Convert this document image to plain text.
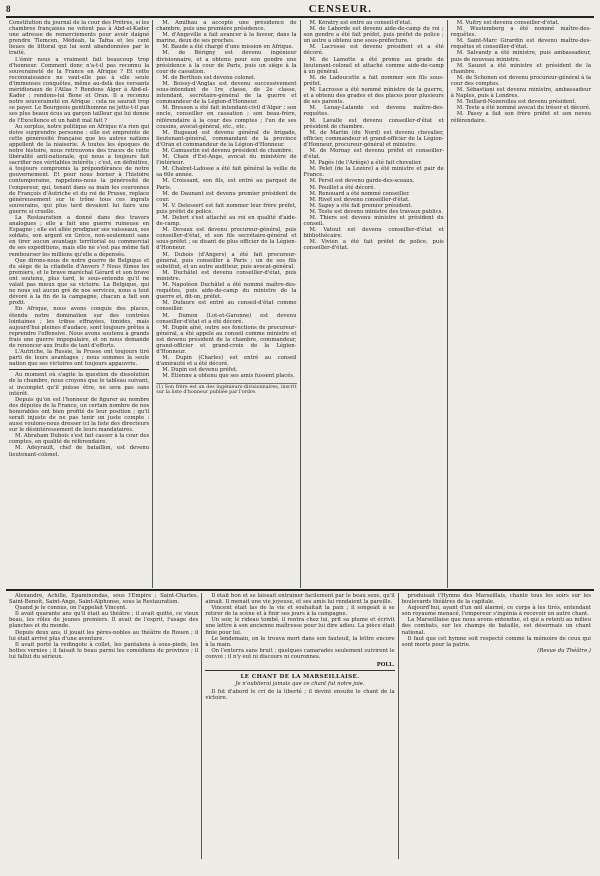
8	CENSEUR.

Constitution du journal de la cour des Prêtres, si les chambres françaises ne votent pas à Abd-el-Kader une adresse de remerciements pour avoir daigné prendre Tlemcen, Médéah, la Tafna et les cent lieues de littoral qui lui sont abandonnées par le traité.

L'émir nous a vraiment fait beaucoup trop d'honneur. Comment donc n'a-t-il pas reconnu la souveraineté de la France en Afrique ? Et cette reconnaissance ne vaut-elle pas à elle seule d'immenses conquêtes, même au-delà des versants méridionaux de l'Atlas ? Rendons Alger à Abd-el-Kader ; rendons-lui Bone et Oran. Il a reconnu notre souveraineté en Afrique : cela ne saurait trop se payer. Le Bourgeois gentilhomme ne jette-t-il pas ses plus beaux écus au garçon tailleur qui lui donne de l'Excellence et un habit mal fait ?

Au surplus, notre politique en Afrique n'a rien qui doive surprendre personne : elle est empreinte de cette générosité française que les autres nations appellent de la niaiserie. À toutes les époques de notre histoire, nous retrouvons des traces de cette libéralité anti-nationale, qui nous a toujours fait sacrifier nos véritables intérêts ; c'est, en définitive, à toujours compromis la prépondérance de notre gouvernement. Et pour nous borner à l'histoire contemporaine, rappelons-nous la générosité de l'empereur, qui, tenant dans sa main les couronnes de François d'Autriche et du roi de Prusse, replace généreusement sur le trône tous ces ingrats souverains, qui plus tard devaient lui faire une guerre si cruelle.

La Restauration a donné dans des travers analogues ; elle a fait une guerre ruineuse en Espagne ; elle est allée prodiguer ses vaisseaux, ses soldats, son argent en Grèce, non-seulement sans en tirer aucun avantage territorial ou commercial de ses expéditions, mais elle ne s'est pas même fait rembourser les millions qu'elle a dépensés.

Que dirons-nous de notre guerre de Belgique et du siège de la citadelle d'Anvers ? Nous fûmes les premiers, et le brave maréchal Gérard et son brave ont soutenu, plus tard, le sous-entendu qu'il ne valait pas mieux que sa victoire. La Belgique, qui ne nous sut aucun gré de nos services, nous a tout dévoré à la fin de la campagne, chacun a fait son profit.

En Afrique, nous avons conquis des places, étendu notre domination sur des contrées lointaines ; les tribus effrayées, timides, mais aujourd'hui pleines d'audace, sont toujours prêtes à reprendre l'offensive. Nous avons soutenu à grands frais une guerre impopulaire, et on nous demande de renoncer aux fruits de tant d'efforts.

L'Autriche, la Russie, la Prusse ont toujours tiré parti de leurs avantages ; nous sommes la seule nation que ses victoires ont toujours appauvrie.

Au moment où s'agite la question de dissolution de la chambre, nous croyons que le tableau suivant, si incomplet qu'il puisse être, ne sera pas sans intérêt.

Depuis qu'on est l'honneur de figurer au nombre des députés de la France, un certain nombre de nos honorables ont bien profité de leur position ; qu'il serait injuste de ne pas tenir un juste compte : aussi voulons-nous dresser ici la liste des directeurs sur le désintéressement de leurs mandataires.

M. Abraham Dubois s'est fait casser à la cour des comptes, en qualité de référendaire.

M. Adeyrault, chef de bataillon, est devenu lieutenant-colonel.

M. Amilhau a accepté une présidence de chambre, puis une première présidence.

M. d'Angeville a fait avancer à la faveur, dans la marine, deux de ses proches.

M. Baude a été chargé d'une mission en Afrique.

M. de Bérigny est devenu ingénieur divisionnaire, et a obtenu pour son gendre une présidence à la cour de Paris, puis un siège à la cour de cassation.

M. de Berthois est devenu colonel.

M. Boissy-d'Anglas est devenu successivement sous-intendant de 1re classe, de 2e classe, intendant, secrétaire-général de la guerre et commandeur de la Légion-d'Honneur.

M. Bresson a été fait intendant-civil d'Alger ; son oncle, conseiller en cassation ; son beau-frère, référendaire à la cour des comptes ; l'un de ses cousins, avocat-général, etc., etc.

M. Bugeaud est devenu général de brigade, lieutenant-général, commandant de la province d'Oran et commandeur de la Légion-d'Honneur.

M. Camusetin est devenu président de chambre.

M. Chaix d'Est-Ange, avocat du ministère de l'intérieur.

M. Chalret-Lafosse a été fait général la veille de sa 60e année.

M. Croissant, son fils, est entré au parquet de Paris.

M. de Daunant est devenu premier président de cour.

M. V. Delessert est fait nommer leur frère préfet, puis préfet de police.

M. Delort s'est attaché au roi en qualité d'aide-de-camp.

M. Devaux est devenu procureur-général, puis conseiller-d'état, et son fils secrétaire-général et sous-préfet ; se disant de plus officier de la Légion-d'Honneur.

M. Dubois (d'Angers) a été fait procureur-général, puis conseiller à Paris ; un de ses fils substitut, et un autre auditeur, puis avocat-général.

M. Duchâtel est devenu conseiller-d'état, puis ministre.

M. Napoléon Duchâtel a été nommé maître-des-requêtes, puis aide-de-camp du ministre de la guerre et, dit-on, préfet.

M. Dufaure est entré au conseil-d'état comme conseiller.

M. Dumon (Lot-et-Garonne) est devenu conseiller-d'état et a été décoré.

M. Dupin aîné, outre ses fonctions de procureur-général, a été appelé au conseil comme ministre et est devenu président de la chambre, commandeur, grand-officier et grand-croix de la Légion-d'Honneur.

M. Dupin (Charles) est entré au conseil d'amirauté et a été décoré.

M. Dupin est devenu préfet.

M. Étienne a obtenu que ses amis fussent placés.

(1) Son frère est un des ingénieurs-divisionnaires, inscrit sur la liste d'honneur publiée par l'ordre.

M. Kératry est entré au conseil-d'état.

M. de Laborde est devenu aide-de-camp du roi ; son gendre a été fait préfet, puis préfet de police ; un autre a obtenu une sous-préfecture.

M. Lacrosse est devenu président et a été décoré.

M. de Lamotte a été promu au grade de lieutenant-colonel et attaché comme aide-de-camp à un général.

M. de Ladoucette a fait nommer son fils sous-préfet.

M. Lacrosse a été nommé ministre de la guerre, et a obtenu des grades et des places pour plusieurs de ses parents.

M. Lenay-Lalande est devenu maître-des-requêtes.

M. Lavalle est devenu conseiller-d'état et président de chambre.

M. de Martin (du Nord) est devenu chevalier, officier, commandeur et grand-officier de la Légion-d'Honneur, procureur-général et ministre.

M. de Mornay est devenu préfet et conseiller-d'état.

M. Pagès (de l'Ariège) a été fait chevalier.

M. Pelet (de la Lozère) a été ministre et pair de France.

M. Persil est devenu garde-des-sceaux.

M. Pouillet a été décoré.

M. Renouard a été nommé conseiller.

M. Rivet est devenu conseiller-d'état.

M. Sapey a été fait premier président.

M. Teste est devenu ministre des travaux publics.

M. Thiers est devenu ministre et président du conseil.

M. Vatout est devenu conseiller-d'état et bibliothécaire.

M. Vivien a été fait préfet de police, puis conseiller-d'état.

M. Vuitry est devenu conseiller-d'état.

M. Wustemberg a été nommé maître-des-requêtes.

M. Saint-Marc Girardin est devenu maître-des-requêtes et conseiller-d'état.

M. Salvandy a été ministre, puis ambassadeur, puis de nouveau ministre.

M. Sauzet a été ministre et président de la chambre.

M. de Schonen est devenu procureur-général à la cour des comptes.

M. Sébastiani est devenu ministre, ambassadeur à Naples, puis à Londres.

M. Teillard-Nozerolles est devenu président.

M. Teste a été nommé avocat du trésor et décoré.

M. Passy a fait son frère préfet et son neveu référendaire.

Alexandre, Achille, Épaminondas, sous l'Empire ; Saint-Charles, Saint-Benoît, Saint-Ange, Saint-Alphonse, sous la Restauration.

Quand je le connus, on l'appelait Vincent.

Il avait quarante ans qu'il était au théâtre ; il avait quitté, ce vieux beau, les rôles de jeunes premiers. Il avait de l'esprit, l'usage des planches et du monde.

Depuis deux ans, il jouait les pères-nobles au théâtre de Rouen ; il lui était arrivé plus d'une aventure.

Il avait porté la redingote à collet, les pantalons à sous-pieds, les bottes vernies ; il faisait le beau parmi les comédiens de province ; il lui fallut du sérieux.

Il était bon et se laissait entraîner facilement par le beau sexe, qu'il aimait. Il menait une vie joyeuse, et ses amis lui rendaient la pareille.

Vincent était las de la vie et souhaitait la paix ; il songeait à se retirer de la scène et à finir ses jours à la campagne.

Un soir, le rideau tombé, il rentra chez lui, prit sa plume et écrivit une lettre à son ancienne maîtresse pour lui dire adieu. La pièce était finie pour lui.

Le lendemain, on le trouva mort dans son fauteuil, la lettre encore à la main.

On l'enterra sans bruit ; quelques camarades seulement suivirent le convoi ; il n'y eut ni discours ni couronnes.

POLL.
LE CHANT DE LA MARSEILLAISE.
Je n'oublierai jamais que ce chant fut notre joie.

Il fut d'abord le cri de la liberté ; il devint ensuite le chant de la victoire.

produisait l'Hymne des Marseillais, chanté tous les soirs sur les boulevards théâtres de la capitale.

Aujourd'hui, ayant d'un œil alarmé, ce corps à les tirés, entendant son royaume menacé, l'empereur s'ingénia à recevoir un autre chant.

La Marseillaise que nous avons entendue, et qui a retenti au milieu des combats, sur les champs de bataille, est désormais un chant national.

Il faut que cet hymne soit respecté comme la mémoire de ceux qui sont morts pour la patrie.

(Revue du Théâtre.)
